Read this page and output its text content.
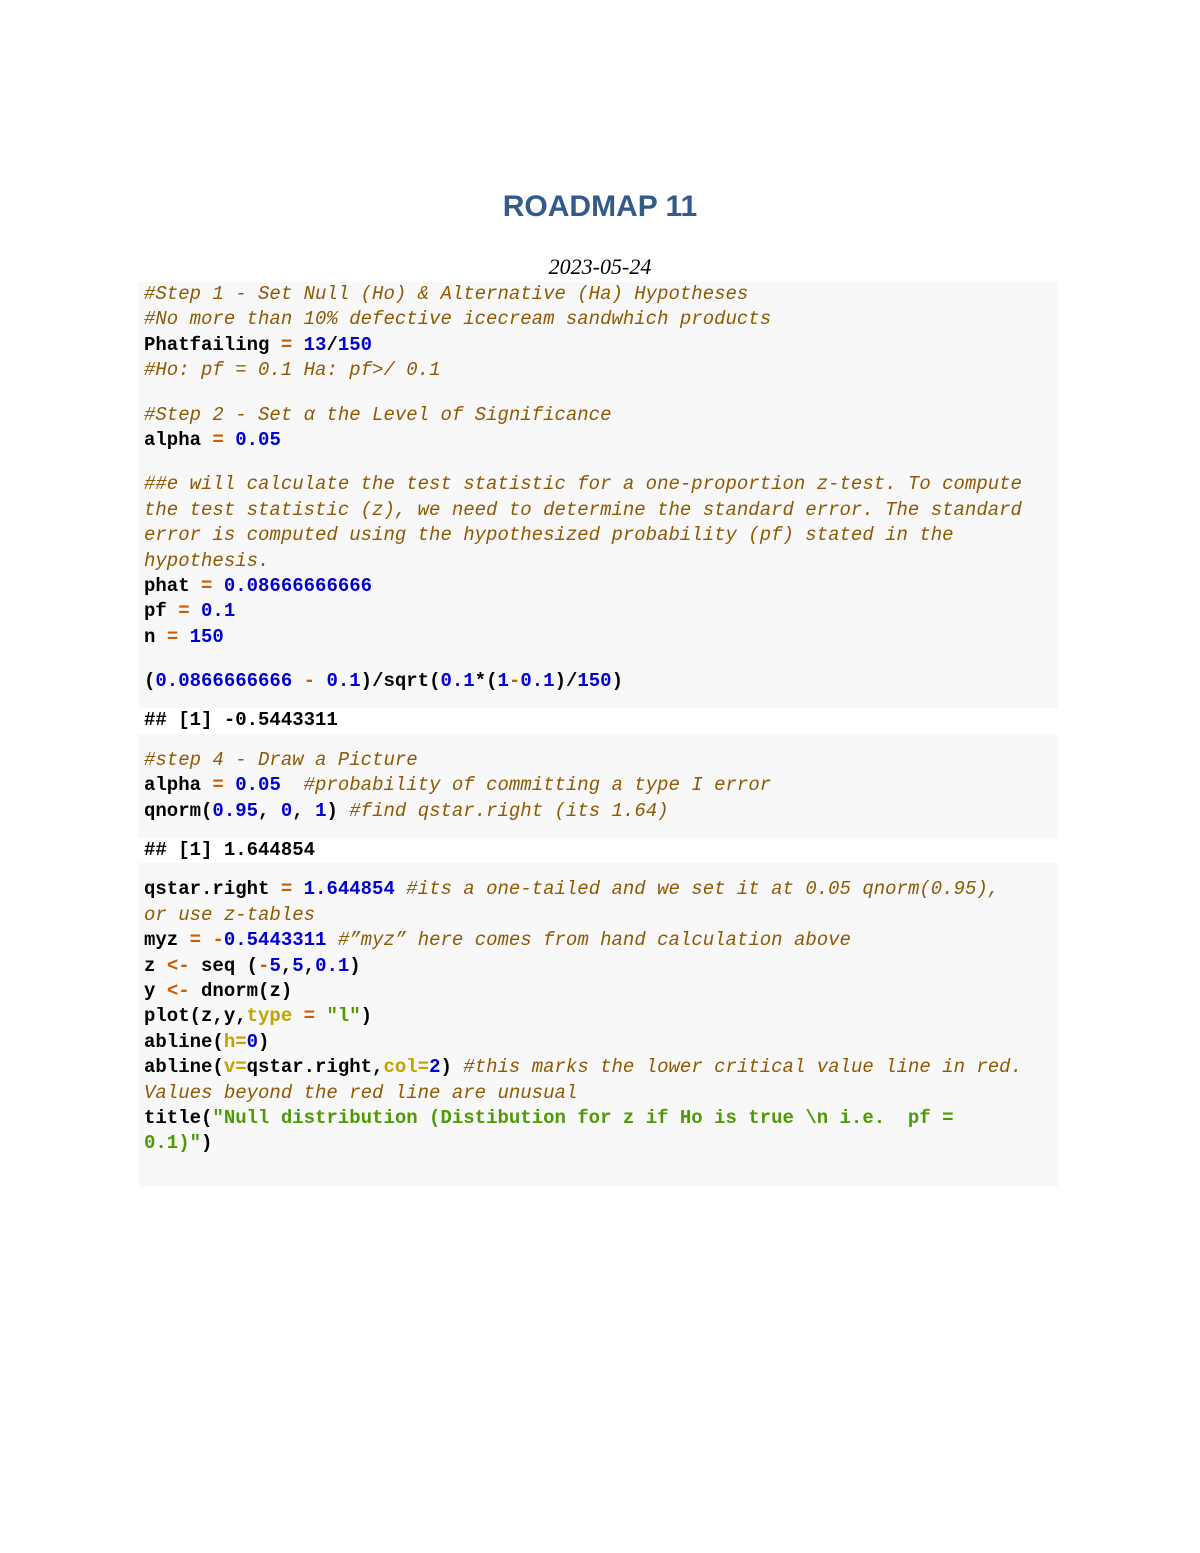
ROADMAP 11
2023-05-24
#Step 1 - Set Null (Ho) & Alternative (Ha) Hypotheses
#No more than 10% defective icecream sandwhich products
Phatfailing = 13/150
#Ho: pf = 0.1 Ha: pf>/ 0.1
#Step 2 - Set α the Level of Significance
alpha = 0.05
##e will calculate the test statistic for a one-proportion z-test. To compute
the test statistic (z), we need to determine the standard error. The standard
error is computed using the hypothesized probability (pf) stated in the
hypothesis.
phat = 0.08666666666
pf = 0.1
n = 150
(0.0866666666 - 0.1)/sqrt(0.1*(1-0.1)/150)
## [1] -0.5443311
#step 4 - Draw a Picture
alpha = 0.05 #probability of committing a type I error
qnorm(0.95, 0, 1) #find qstar.right (its 1.64)
## [1] 1.644854
qstar.right = 1.644854 #its a one-tailed and we set it at 0.05 qnorm(0.95),
or use z-tables
myz = -0.5443311 #”myz” here comes from hand calculation above
z <- seq (-5,5,0.1)
y <- dnorm(z)
plot(z,y,type = "l")
abline(h=0)
abline(v=qstar.right,col=2) #this marks the lower critical value line in red.
Values beyond the red line are unusual
title("Null distribution (Distibution for z if Ho is true \n i.e.  pf =
0.1)")
